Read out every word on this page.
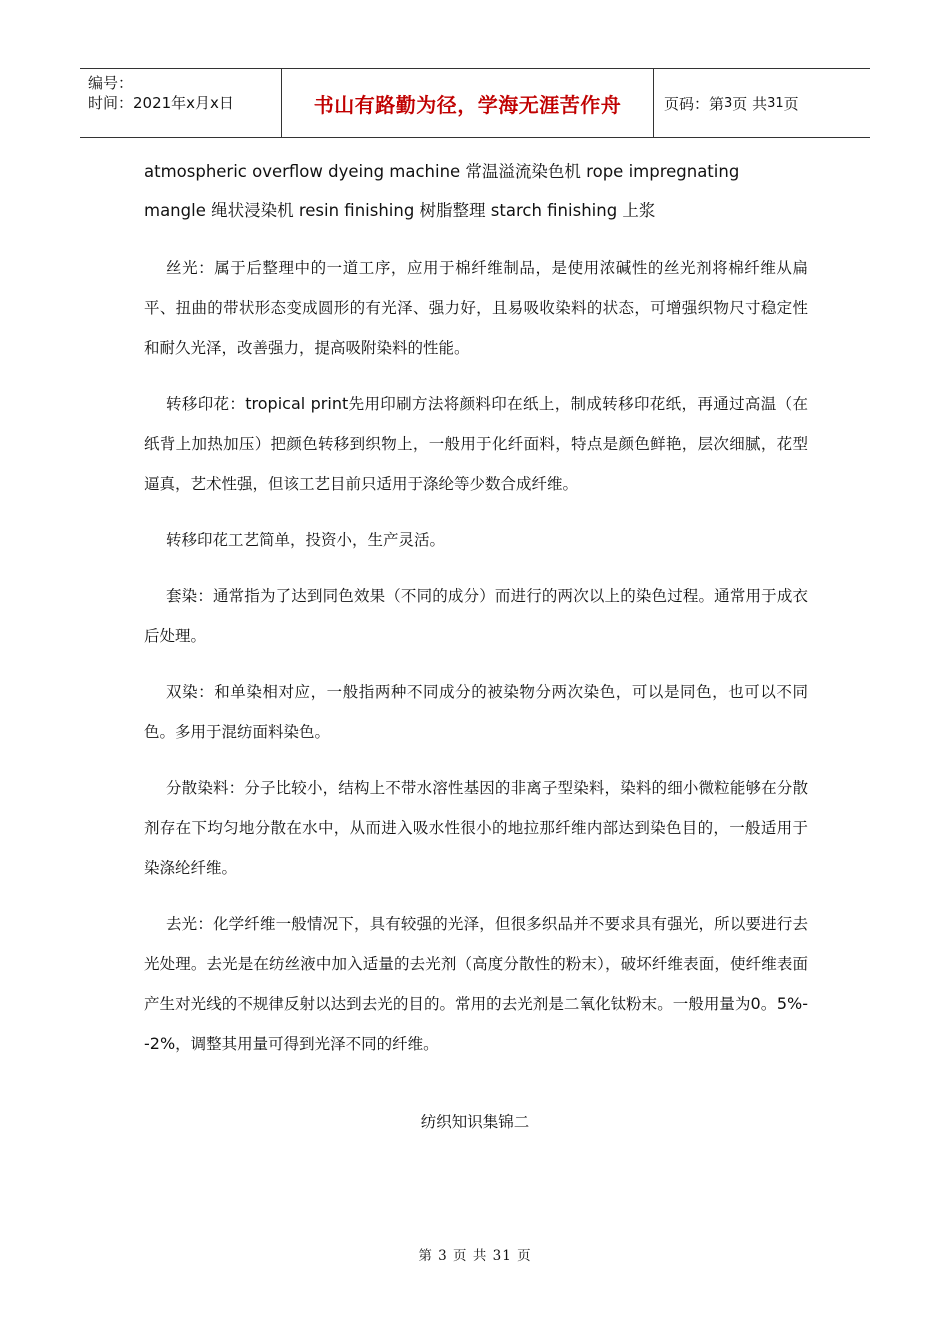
编号：
时间：2021年x月x日	书山有路勤为径，学海无涯苦作舟	页码：第 3 页 共 31 页

atmospheric overflow dyeing machine 常温溢流染色机 rope impregnating

mangle 绳状浸染机 resin finishing 树脂整理 starch finishing 上浆

丝光：属于后整理中的一道工序，应用于棉纤维制品，是使用浓碱性的丝光剂将棉纤维从扁平、扭曲的带状形态变成圆形的有光泽、强力好，且易吸收染料的状态，可增强织物尺寸稳定性和耐久光泽，改善强力，提高吸附染料的性能。

转移印花：tropical print先用印刷方法将颜料印在纸上，制成转移印花纸，再通过高温（在纸背上加热加压）把颜色转移到织物上，一般用于化纤面料，特点是颜色鲜艳，层次细腻，花型逼真，艺术性强，但该工艺目前只适用于涤纶等少数合成纤维。

转移印花工艺简单，投资小，生产灵活。

套染：通常指为了达到同色效果（不同的成分）而进行的两次以上的染色过程。通常用于成衣后处理。

双染：和单染相对应，一般指两种不同成分的被染物分两次染色，可以是同色，也可以不同色。多用于混纺面料染色。

分散染料：分子比较小，结构上不带水溶性基因的非离子型染料，染料的细小微粒能够在分散剂存在下均匀地分散在水中，从而进入吸水性很小的地拉那纤维内部达到染色目的，一般适用于染涤纶纤维。

去光：化学纤维一般情况下，具有较强的光泽，但很多织品并不要求具有强光，所以要进行去光处理。去光是在纺丝液中加入适量的去光剂（高度分散性的粉末），破坏纤维表面，使纤维表面产生对光线的不规律反射以达到去光的目的。常用的去光剂是二氧化钛粉末。一般用量为0。5%--2%，调整其用量可得到光泽不同的纤维。

纺织知识集锦二
第 3 页 共 31 页
